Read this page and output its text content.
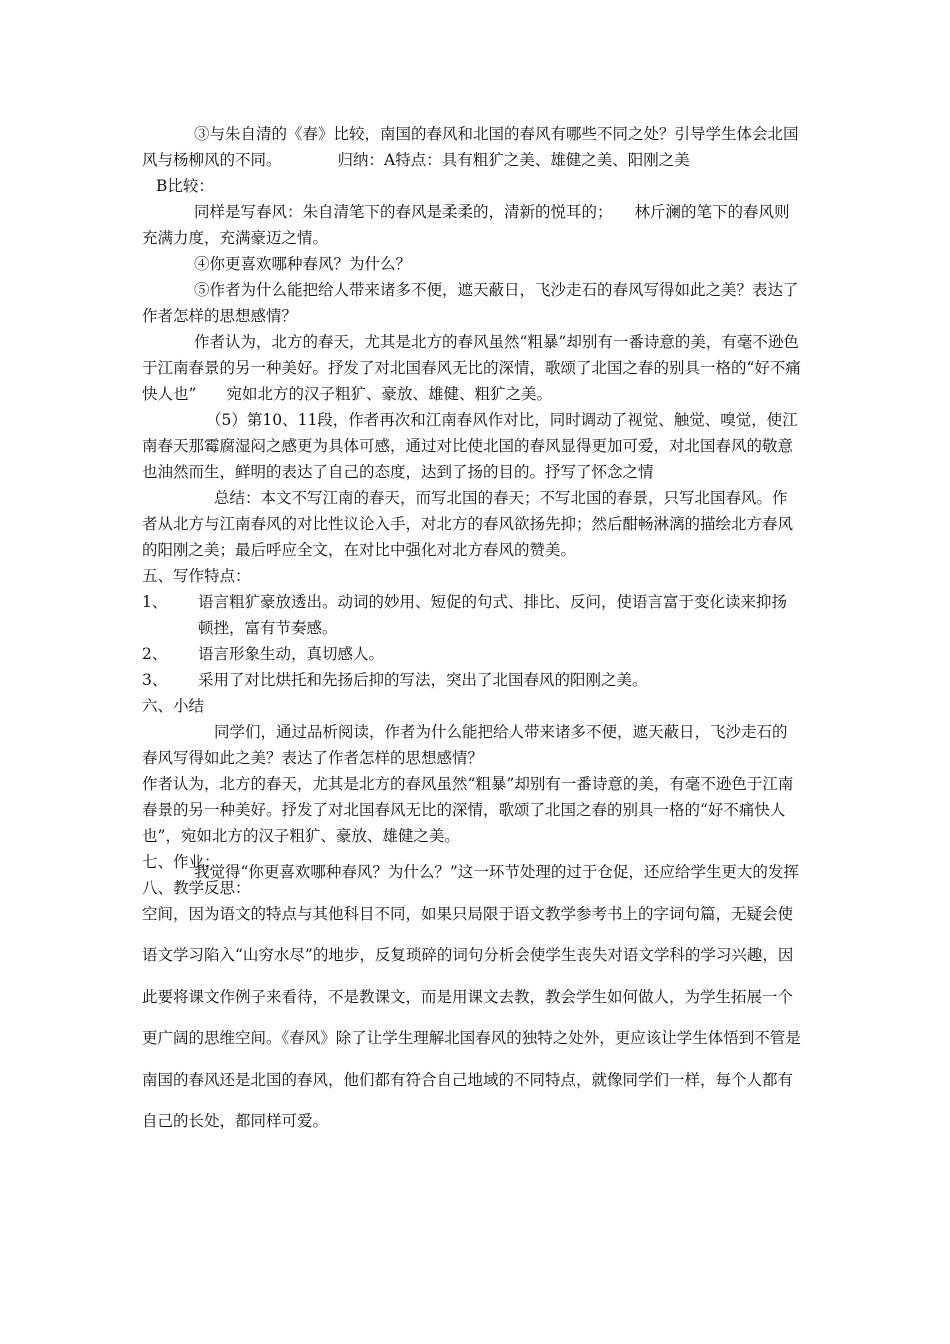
③与朱自清的《春》比较，南国的春风和北国的春风有哪些不同之处？引导学生体会北国风与杨柳风的不同。	归纳：A特点：具有粗犷之美、雄健之美、阳刚之美

B比较：

同样是写春风：朱自清笔下的春风是柔柔的，清新的悦耳的； 林斤澜的笔下的春风则充满力度，充满豪迈之情。

④你更喜欢哪种春风？为什么？

⑤作者为什么能把给人带来诸多不便，遮天蔽日，飞沙走石的春风写得如此之美？表达了作者怎样的思想感情？

作者认为，北方的春天，尤其是北方的春风虽然“粗暴”却别有一番诗意的美，有毫不逊色于江南春景的另一种美好。抒发了对北国春风无比的深情，歌颂了北国之春的别具一格的“好不痛快人也” 宛如北方的汉子粗犷、豪放、雄健、粗犷之美。

（5）第10、11段，作者再次和江南春风作对比，同时调动了视觉、触觉、嗅觉，使江南春天那霉腐湿闷之感更为具体可感，通过对比使北国的春风显得更加可爱，对北国春风的敬意也油然而生，鲜明的表达了自己的态度，达到了扬的目的。抒写了怀念之情

总结：本文不写江南的春天，而写北国的春天；不写北国的春景，只写北国春风。作者从北方与江南春风的对比性议论入手，对北方的春风欲扬先抑；然后酣畅淋漓的描绘北方春风的阳刚之美；最后呼应全文，在对比中强化对北方春风的赞美。

五、写作特点：

1、	语言粗犷豪放透出。动词的妙用、短促的句式、排比、反问，使语言富于变化读来抑扬顿挫，富有节奏感。
2、	语言形象生动，真切感人。
3、	采用了对比烘托和先扬后抑的写法，突出了北国春风的阳刚之美。

六、小结

同学们，通过品析阅读，作者为什么能把给人带来诸多不便，遮天蔽日，飞沙走石的春风写得如此之美？表达了作者怎样的思想感情？

作者认为，北方的春天，尤其是北方的春风虽然“粗暴”却别有一番诗意的美，有毫不逊色于江南春景的另一种美好。抒发了对北国春风无比的深情，歌颂了北国之春的别具一格的“好不痛快人也”，宛如北方的汉子粗犷、豪放、雄健之美。

七、作业；

八、教学反思：

我觉得“你更喜欢哪种春风？为什么？”这一环节处理的过于仓促，还应给学生更大的发挥空间，因为语文的特点与其他科目不同，如果只局限于语文教学参考书上的字词句篇，无疑会使语文学习陷入“山穷水尽”的地步，反复琐碎的词句分析会使学生丧失对语文学科的学习兴趣，因此要将课文作例子来看待，不是教课文，而是用课文去教，教会学生如何做人，为学生拓展一个更广阔的思维空间。《春风》除了让学生理解北国春风的独特之处外，更应该让学生体悟到不管是南国的春风还是北国的春风，他们都有符合自己地域的不同特点，就像同学们一样，每个人都有自己的长处，都同样可爱。
